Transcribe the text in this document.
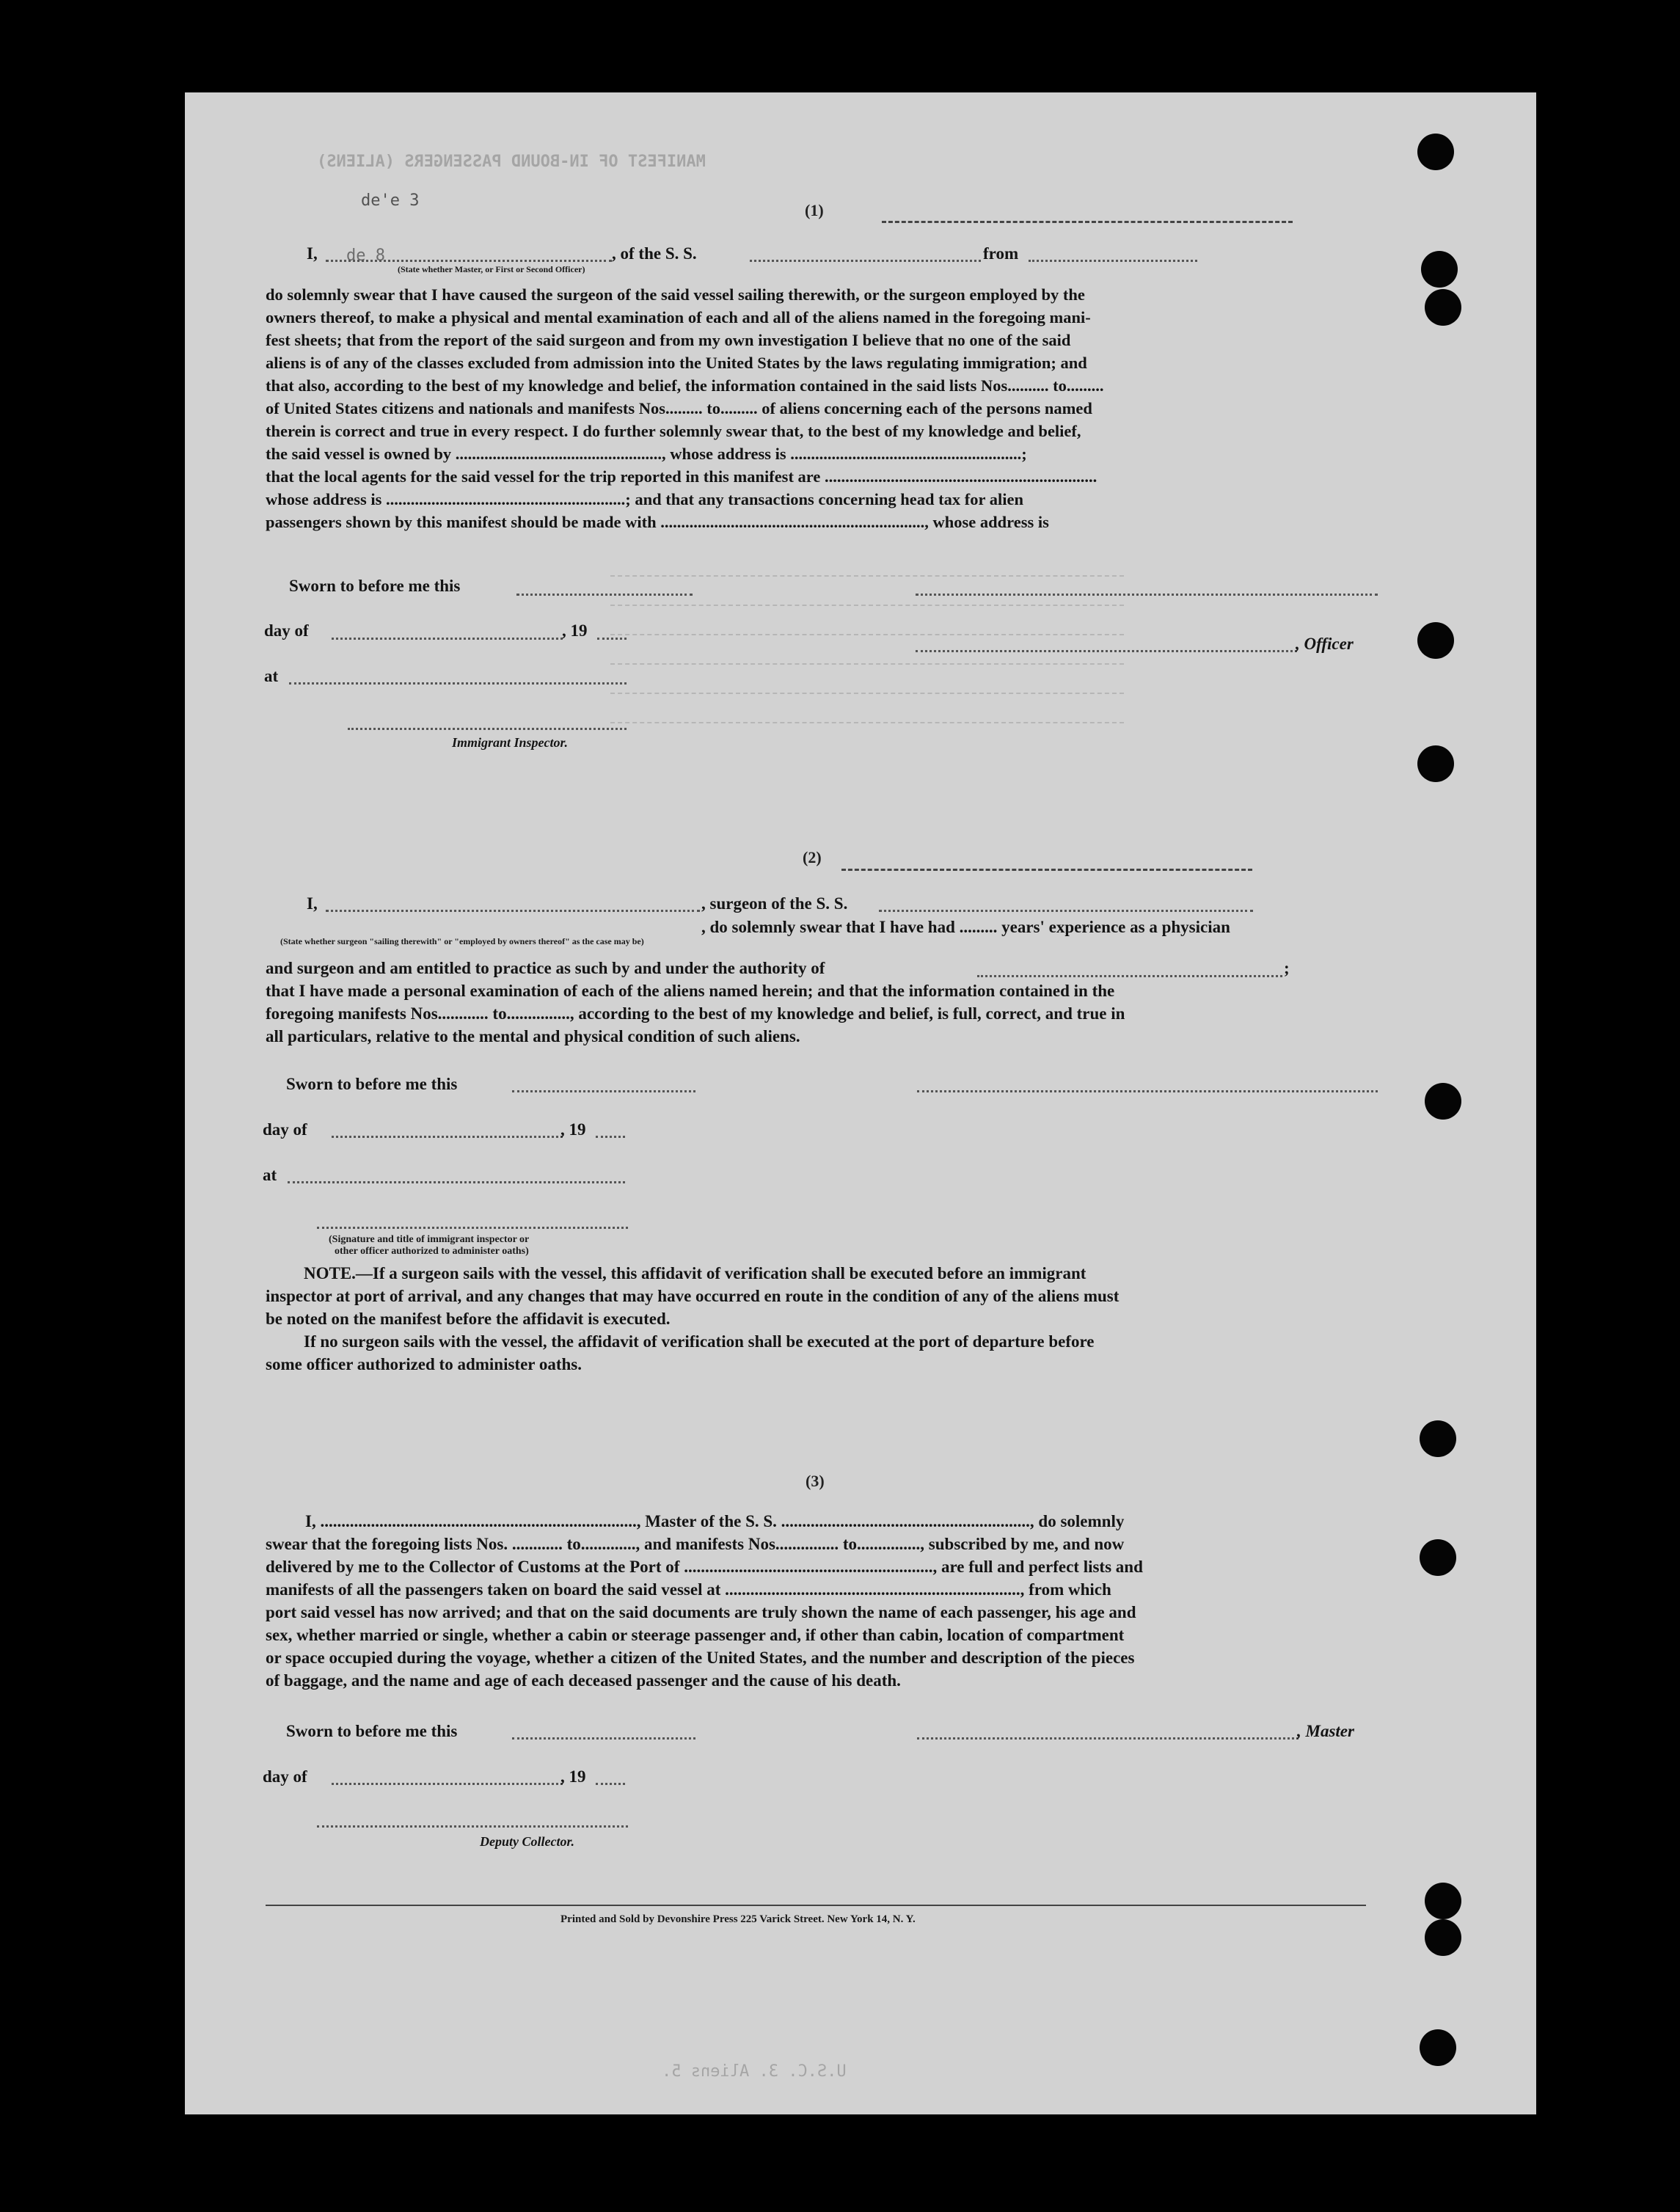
MANIFEST OF IN-BOUND PASSENGERS (ALIENS)
de'e 3
de 8
U.S.C. 3. Aliens 5.
(1)
I,
(State whether Master, or First or Second Officer)
, of the S. S.	from
do solemnly swear that I have caused the surgeon of the said vessel sailing therewith, or the surgeon employed by the
owners thereof, to make a physical and mental examination of each and all of the aliens named in the foregoing mani-
fest sheets; that from the report of the said surgeon and from my own investigation I believe that no one of the said
aliens is of any of the classes excluded from admission into the United States by the laws regulating immigration; and
that also, according to the best of my knowledge and belief, the information contained in the said lists Nos.......... to.........
of United States citizens and nationals and manifests Nos......... to......... of aliens concerning each of the persons named
therein is correct and true in every respect. I do further solemnly swear that, to the best of my knowledge and belief,
the said vessel is owned by .................................................., whose address is ........................................................;
that the local agents for the said vessel for the trip reported in this manifest are ..................................................................
whose address is ..........................................................; and that any transactions concerning head tax for alien
passengers shown by this manifest should be made with ................................................................, whose address is
Sworn to before me this
day of	, 19
, Officer
at
Immigrant Inspector.
(2)
I,	, surgeon of the S. S.
, do solemnly swear that I have had ......... years' experience as a physician
(State whether surgeon "sailing therewith" or "employed by owners thereof" as the case may be)
and surgeon and am entitled to practice as such by and under the authority of	;
that I have made a personal examination of each of the aliens named herein; and that the information contained in the
foregoing manifests Nos............ to..............., according to the best of my knowledge and belief, is full, correct, and true in
all particulars, relative to the mental and physical condition of such aliens.
Sworn to before me this
day of	, 19
at
(Signature and title of immigrant inspector or
other officer authorized to administer oaths)
NOTE.—If a surgeon sails with the vessel, this affidavit of verification shall be executed before an immigrant
inspector at port of arrival, and any changes that may have occurred en route in the condition of any of the aliens must
be noted on the manifest before the affidavit is executed.
If no surgeon sails with the vessel, the affidavit of verification shall be executed at the port of departure before
some officer authorized to administer oaths.
(3)
I, ..........................................................................., Master of the S. S. ..........................................................., do solemnly
swear that the foregoing lists Nos. ............ to............., and manifests Nos............... to..............., subscribed by me, and now
delivered by me to the Collector of Customs at the Port of ..........................................................., are full and perfect lists and
manifests of all the passengers taken on board the said vessel at ......................................................................, from which
port said vessel has now arrived; and that on the said documents are truly shown the name of each passenger, his age and
sex, whether married or single, whether a cabin or steerage passenger and, if other than cabin, location of compartment
or space occupied during the voyage, whether a citizen of the United States, and the number and description of the pieces
of baggage, and the name and age of each deceased passenger and the cause of his death.
Sworn to before me this	, Master
day of	, 19
Deputy Collector.
Printed and Sold by Devonshire Press 225 Varick Street. New York 14, N. Y.
